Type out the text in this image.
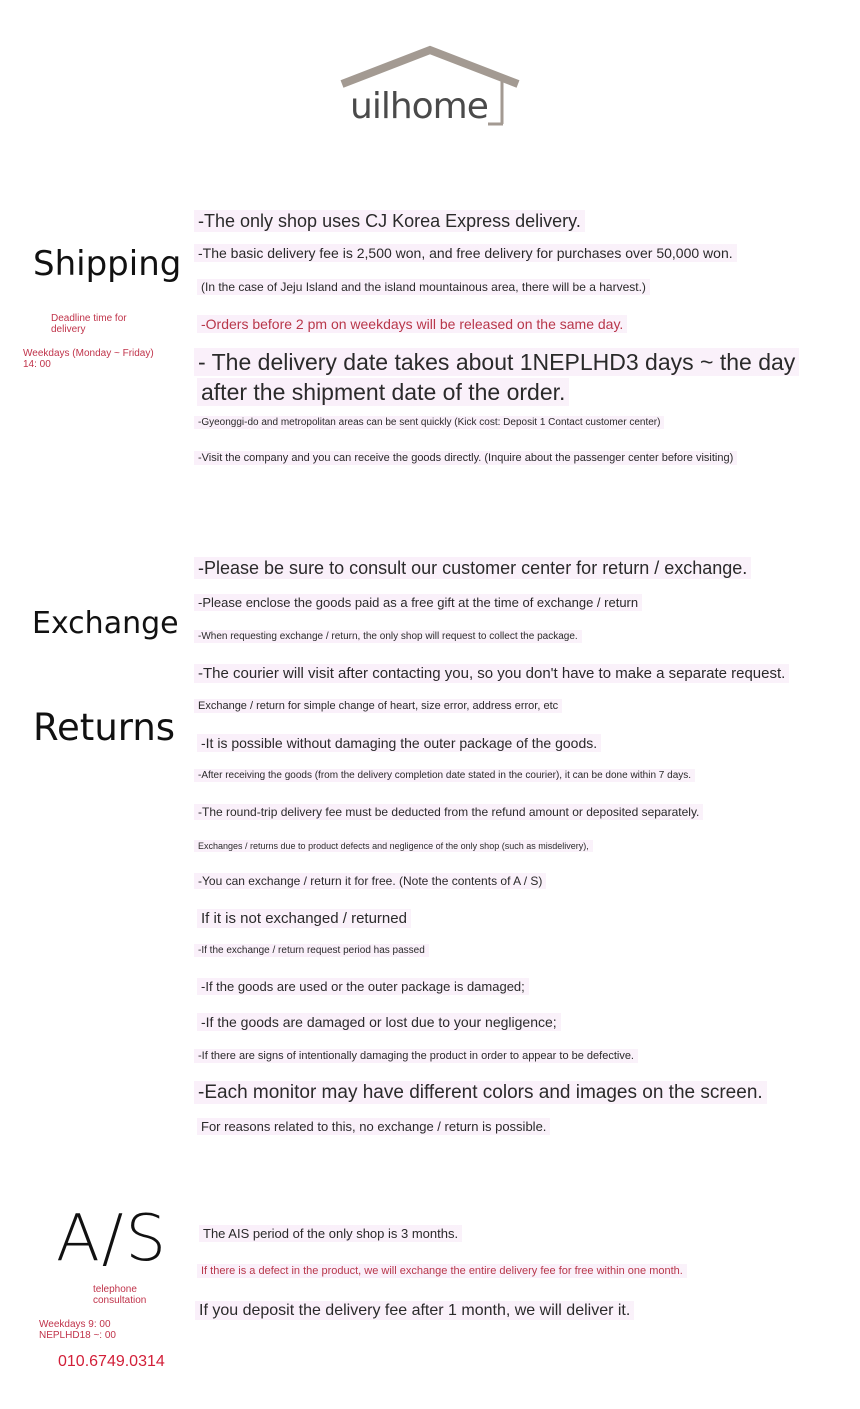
uilhome
Shipping
Deadline time for delivery
Weekdays (Monday ~ Friday) 14: 00
-The only shop uses CJ Korea Express delivery.
-The basic delivery fee is 2,500 won, and free delivery for purchases over 50,000 won.
(In the case of Jeju Island and the island mountainous area, there will be a harvest.)
-Orders before 2 pm on weekdays will be released on the same day.
- The delivery date takes about 1NEPLHD3 days ~ the day
after the shipment date of the order.
-Gyeonggi-do and metropolitan areas can be sent quickly (Kick cost: Deposit 1 Contact customer center)
-Visit the company and you can receive the goods directly. (Inquire about the passenger center before visiting)
Exchange
Returns
-Please be sure to consult our customer center for return / exchange.
-Please enclose the goods paid as a free gift at the time of exchange / return
-When requesting exchange / return, the only shop will request to collect the package.
-The courier will visit after contacting you, so you don't have to make a separate request.
Exchange / return for simple change of heart, size error, address error, etc
-It is possible without damaging the outer package of the goods.
-After receiving the goods (from the delivery completion date stated in the courier), it can be done within 7 days.
-The round-trip delivery fee must be deducted from the refund amount or deposited separately.
Exchanges / returns due to product defects and negligence of the only shop (such as misdelivery),
-You can exchange / return it for free. (Note the contents of A / S)
If it is not exchanged / returned
-If the exchange / return request period has passed
-If the goods are used or the outer package is damaged;
-If the goods are damaged or lost due to your negligence;
-If there are signs of intentionally damaging the product in order to appear to be defective.
-Each monitor may have different colors and images on the screen.
For reasons related to this, no exchange / return is possible.
A/S
telephone consultation
Weekdays 9: 00 NEPLHD18 ~: 00
010.6749.0314
The AIS period of the only shop is 3 months.
If there is a defect in the product, we will exchange the entire delivery fee for free within one month.
If you deposit the delivery fee after 1 month, we will deliver it.
